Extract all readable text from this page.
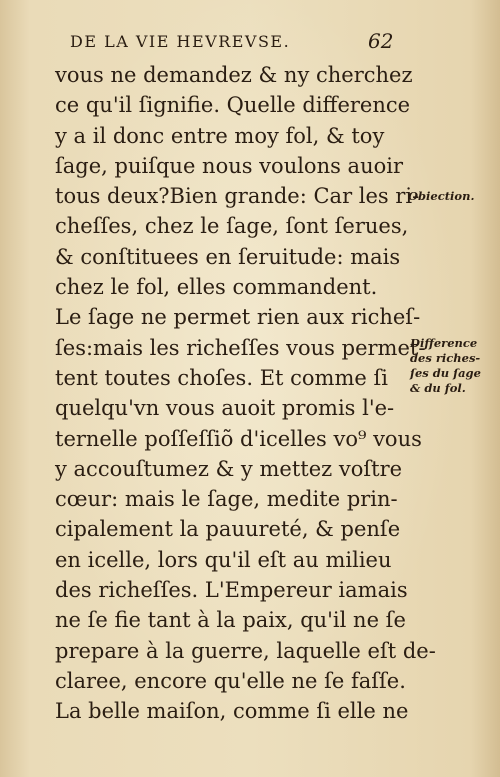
DE LA VIE HEVREVSE.	62
vous ne demandez & ny cherchez
ce qu'il ſignifie. Quelle difference
y a il donc entre moy fol, & toy
ſage, puiſque nous voulons auoir
tous deux?Bien grande: Car les ri-
cheſſes, chez le ſage, ſont ſerues,
& conſtituees en ſeruitude: mais
chez le fol, elles commandent.
Le ſage ne permet rien aux richeſ-
ſes:mais les richeſſes vous permet-
tent toutes choſes. Et comme ſi
quelqu'vn vous auoit promis l'e-
ternelle poſſeſſiõ d'icelles vo⁹ vous
y accouſtumez & y mettez voſtre
cœur: mais le ſage, medite prin-
cipalement la pauureté, & penſe
en icelle, lors qu'il eſt au milieu
des richeſſes. L'Empereur iamais
ne ſe fie tant à la paix, qu'il ne ſe
prepare à la guerre, laquelle eſt de-
claree, encore qu'elle ne ſe faſſe.
La belle maiſon, comme ſi elle ne
Obiection.
Difference
des riches-
ſes du ſage
& du fol.
